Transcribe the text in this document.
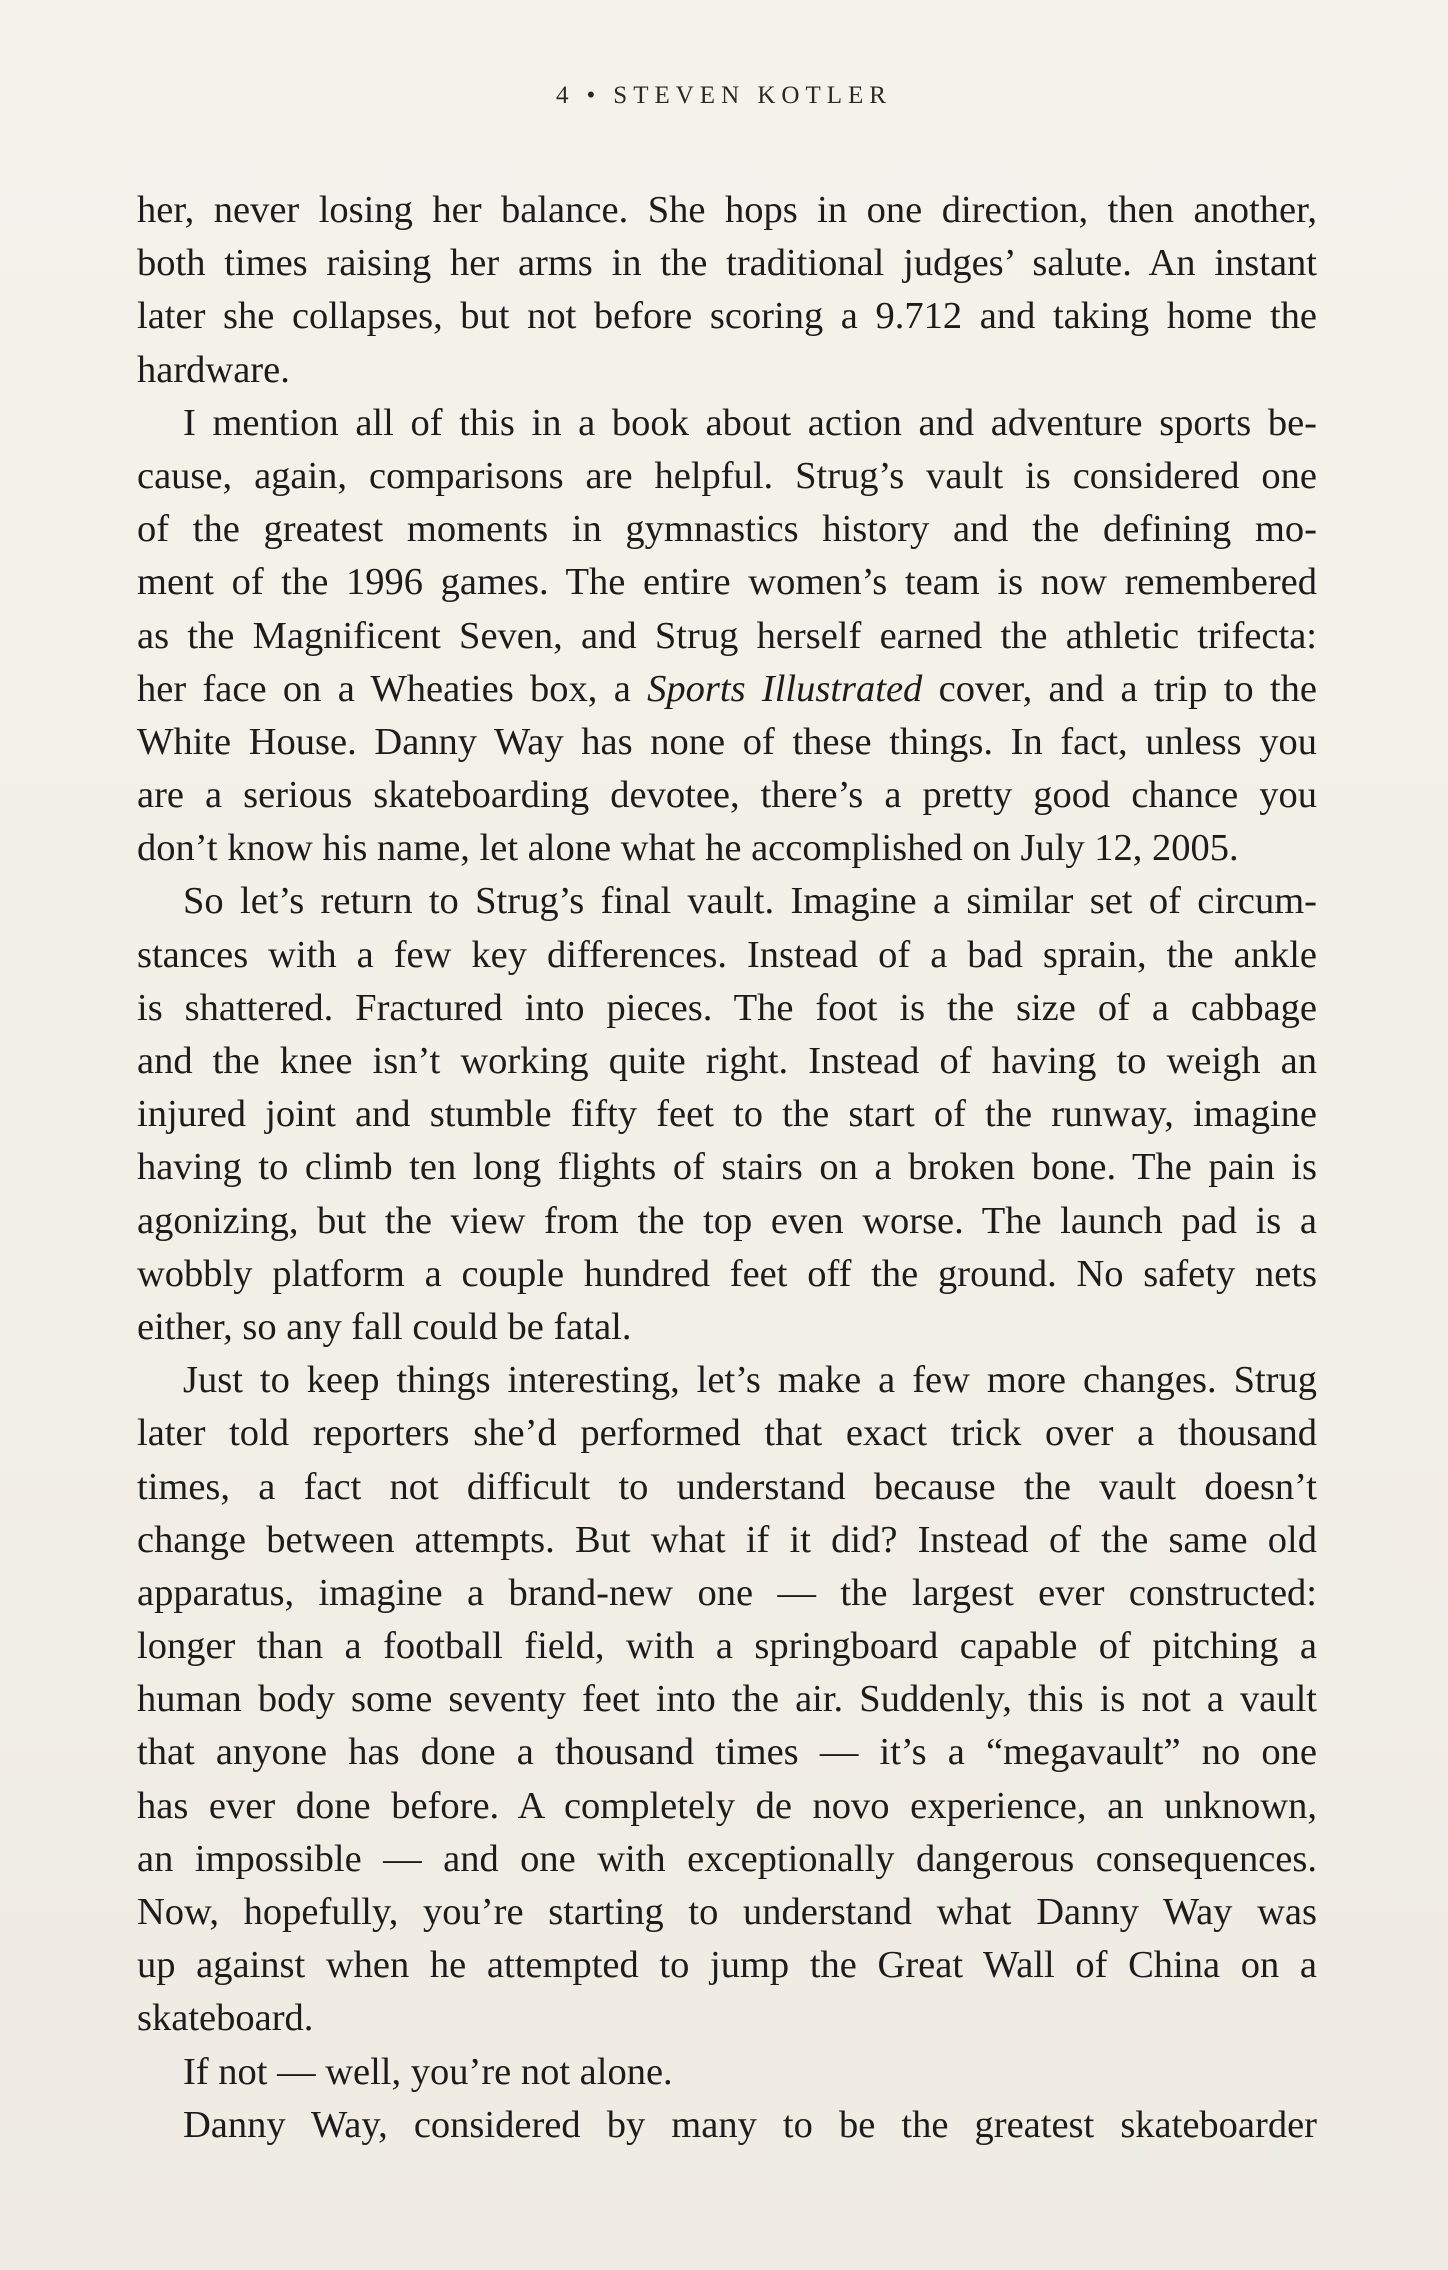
4 • STEVEN KOTLER
her, never losing her balance. She hops in one direction, then another,
both times raising her arms in the traditional judges’ salute. An instant
later she collapses, but not before scoring a 9.712 and taking home the
hardware.
I mention all of this in a book about action and adventure sports be-
cause, again, comparisons are helpful. Strug’s vault is considered one
of the greatest moments in gymnastics history and the defining mo-
ment of the 1996 games. The entire women’s team is now remembered
as the Magnificent Seven, and Strug herself earned the athletic trifecta:
her face on a Wheaties box, a Sports Illustrated cover, and a trip to the
White House. Danny Way has none of these things. In fact, unless you
are a serious skateboarding devotee, there’s a pretty good chance you
don’t know his name, let alone what he accomplished on July 12, 2005.
So let’s return to Strug’s final vault. Imagine a similar set of circum-
stances with a few key differences. Instead of a bad sprain, the ankle
is shattered. Fractured into pieces. The foot is the size of a cabbage
and the knee isn’t working quite right. Instead of having to weigh an
injured joint and stumble fifty feet to the start of the runway, imagine
having to climb ten long flights of stairs on a broken bone. The pain is
agonizing, but the view from the top even worse. The launch pad is a
wobbly platform a couple hundred feet off the ground. No safety nets
either, so any fall could be fatal.
Just to keep things interesting, let’s make a few more changes. Strug
later told reporters she’d performed that exact trick over a thousand
times, a fact not difficult to understand because the vault doesn’t
change between attempts. But what if it did? Instead of the same old
apparatus, imagine a brand-new one — the largest ever constructed:
longer than a football field, with a springboard capable of pitching a
human body some seventy feet into the air. Suddenly, this is not a vault
that anyone has done a thousand times — it’s a “megavault” no one
has ever done before. A completely de novo experience, an unknown,
an impossible — and one with exceptionally dangerous consequences.
Now, hopefully, you’re starting to understand what Danny Way was
up against when he attempted to jump the Great Wall of China on a
skateboard.
If not — well, you’re not alone.
Danny Way, considered by many to be the greatest skateboarder
